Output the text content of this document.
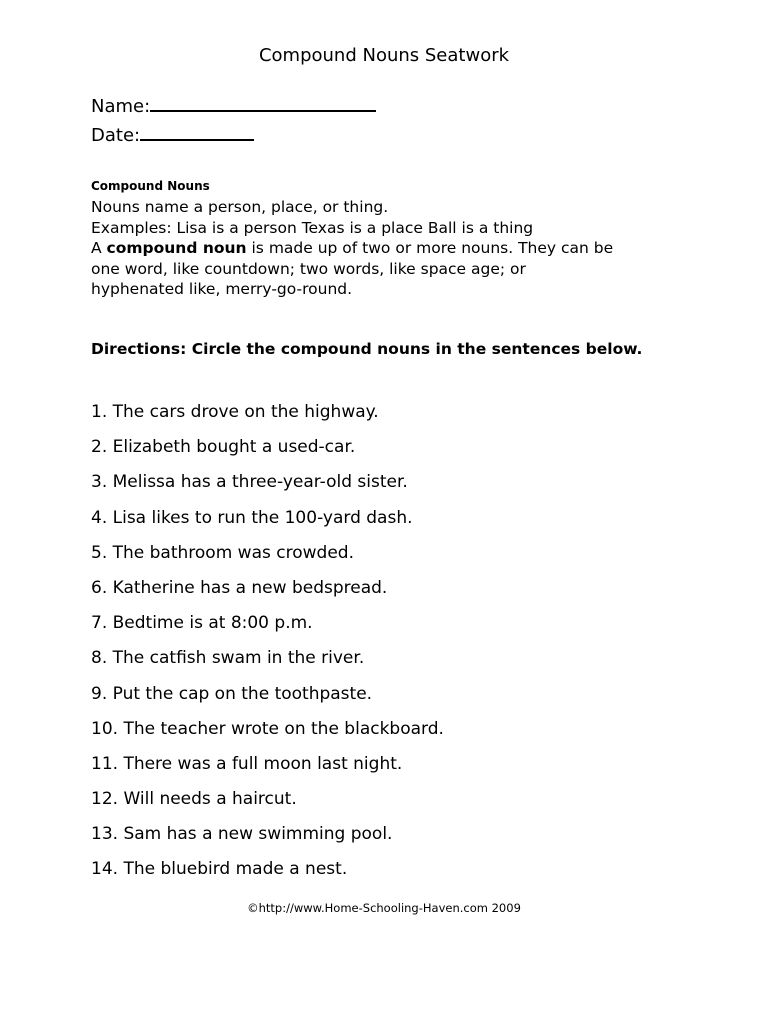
Compound Nouns Seatwork
Name:
Date:
Compound Nouns

Nouns name a person, place, or thing.

Examples: Lisa is a person Texas is a place Ball is a thing

A compound noun is made up of two or more nouns. They can be

one word, like countdown; two words, like space age; or

hyphenated like, merry-go-round.

Directions: Circle the compound nouns in the sentences below.
1. The cars drove on the highway.
2. Elizabeth bought a used-car.
3. Melissa has a three-year-old sister.
4. Lisa likes to run the 100-yard dash.
5. The bathroom was crowded.
6. Katherine has a new bedspread.
7. Bedtime is at 8:00 p.m.
8. The catfish swam in the river.
9. Put the cap on the toothpaste.
10. The teacher wrote on the blackboard.
11. There was a full moon last night.
12. Will needs a haircut.
13. Sam has a new swimming pool.
14. The bluebird made a nest.
©http://www.Home-Schooling-Haven.com 2009
